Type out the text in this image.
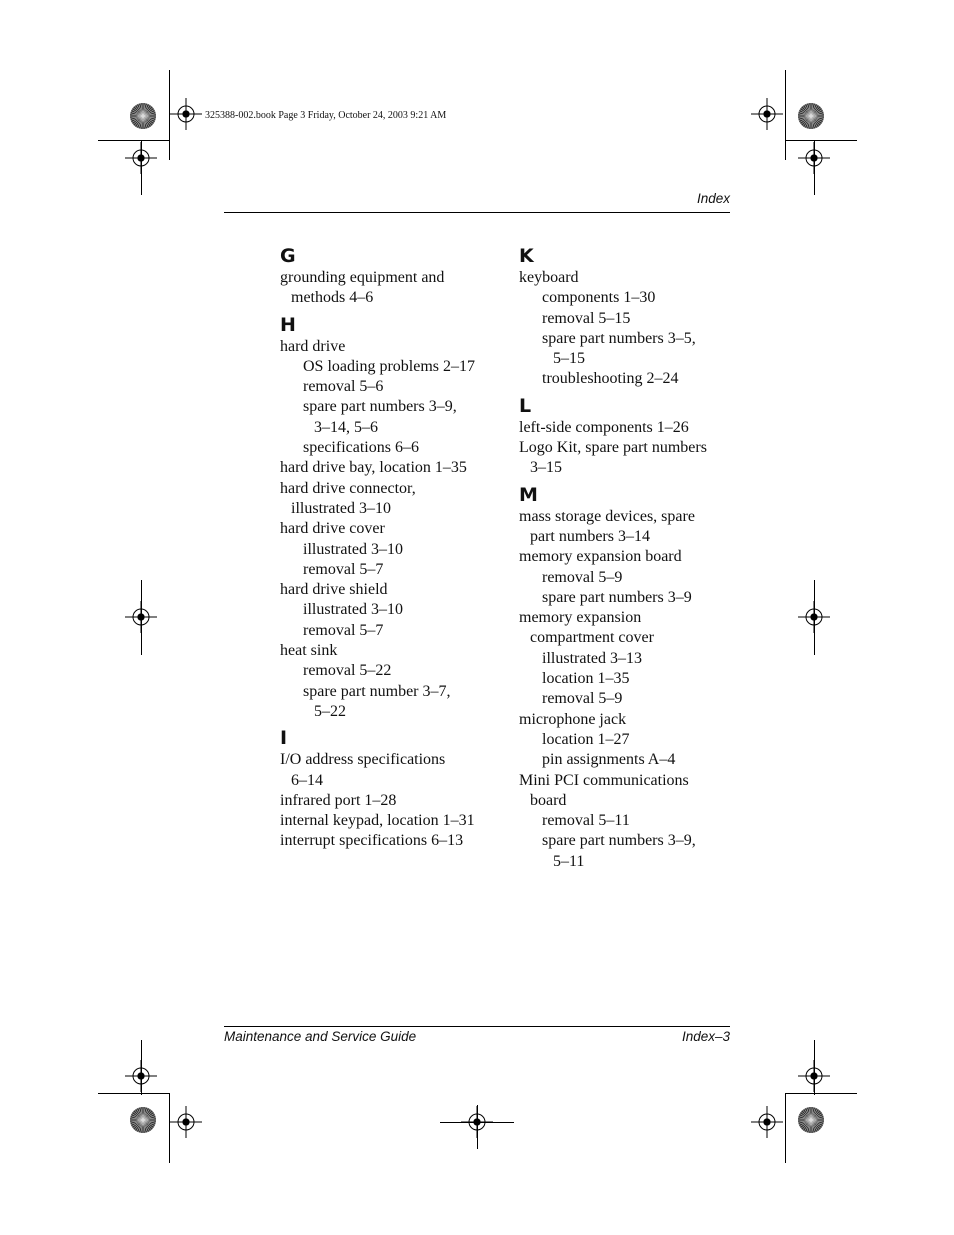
325388-002.book Page 3 Friday, October 24, 2003 9:21 AM
Index
G
grounding equipment and
methods 4–6
H
hard drive
OS loading problems 2–17
removal 5–6
spare part numbers 3–9,
3–14, 5–6
specifications 6–6
hard drive bay, location 1–35
hard drive connector,
illustrated 3–10
hard drive cover
illustrated 3–10
removal 5–7
hard drive shield
illustrated 3–10
removal 5–7
heat sink
removal 5–22
spare part number 3–7,
5–22
I
I/O address specifications
6–14
infrared port 1–28
internal keypad, location 1–31
interrupt specifications 6–13
K
keyboard
components 1–30
removal 5–15
spare part numbers 3–5,
5–15
troubleshooting 2–24
L
left-side components 1–26
Logo Kit, spare part numbers
3–15
M
mass storage devices, spare
part numbers 3–14
memory expansion board
removal 5–9
spare part numbers 3–9
memory expansion
compartment cover
illustrated 3–13
location 1–35
removal 5–9
microphone jack
location 1–27
pin assignments A–4
Mini PCI communications
board
removal 5–11
spare part numbers 3–9,
5–11
Maintenance and Service Guide	Index–3
